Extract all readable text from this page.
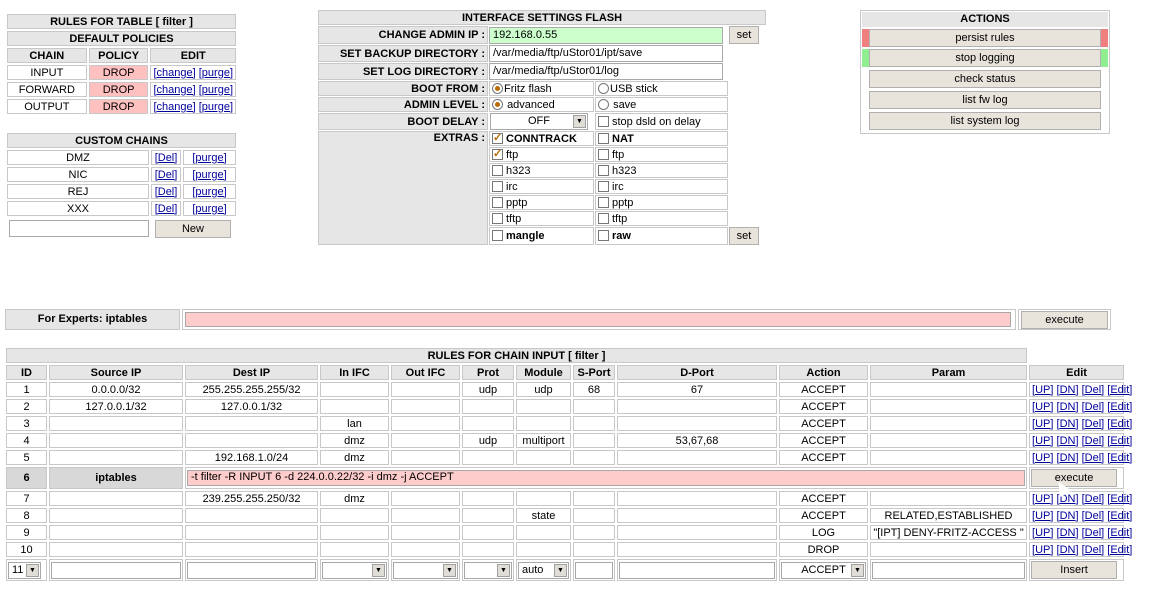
RULES FOR TABLE [ filter ]		
DEFAULT POLICIES		
CHAIN	POLICY	EDIT
INPUT	DROP	[change] [purge]
FORWARD	DROP	[change] [purge]
OUTPUT	DROP	[change] [purge]
CUSTOM CHAINS		
DMZ	[Del]	[purge]
NIC	[Del]	[purge]
REJ	[Del]	[purge]
XXX	[Del]	[purge]
New
INTERFACE SETTINGS FLASH			
CHANGE ADMIN IP :	192.168.0.55		set

SET BACKUP DIRECTORY :	/var/media/ftp/uStor01/ipt/save		

SET LOG DIRECTORY :	/var/media/ftp/uStor01/log		

BOOT FROM :	Fritz flash	USB stick	
ADMIN LEVEL :	advanced	save	
BOOT DELAY :	OFF ▼	stop dsld on delay	
EXTRAS :	✓CONNTRACK	NAT	
✓ftp	ftp	
	h323	h323	
	irc	irc	
	pptp	pptp	
	tftp	tftp	
	mangle	raw	set
ACTIONS
persist rules
stop logging
check status
list fw log
list system log
For Experts: iptables	execute
RULES FOR CHAIN INPUT [ filter ]											
ID	Source IP	Dest IP	In IFC	Out IFC	Prot	Module	S-Port	D-Port	Action	Param	Edit
1	0.0.0.0/32	255.255.255.255/32			udp	udp	68	67	ACCEPT		[UP] [DN] [Del] [Edit]
2	127.0.0.1/32	127.0.0.1/32							ACCEPT		[UP] [DN] [Del] [Edit]
3			lan						ACCEPT		[UP] [DN] [Del] [Edit]
4			dmz		udp	multiport		53,67,68	ACCEPT		[UP] [DN] [Del] [Edit]
5		192.168.1.0/24	dmz						ACCEPT		[UP] [DN] [Del] [Edit]
6	iptables	-t filter -R INPUT 6 -d 224.0.0.22/32 -i dmz -j ACCEPT									execute

7		239.255.255.250/32	dmz						ACCEPT		[UP] [DN] [Del] [Edit]
8						state			ACCEPT	RELATED,ESTABLISHED	[UP] [DN] [Del] [Edit]
9									LOG	"[IPT] DENY-FRITZ-ACCESS "	[UP] [DN] [Del] [Edit]
10									DROP		[UP] [DN] [Del] [Edit]

11 ▼			▼	▼	▼	auto ▼			ACCEPT ▼		Insert
